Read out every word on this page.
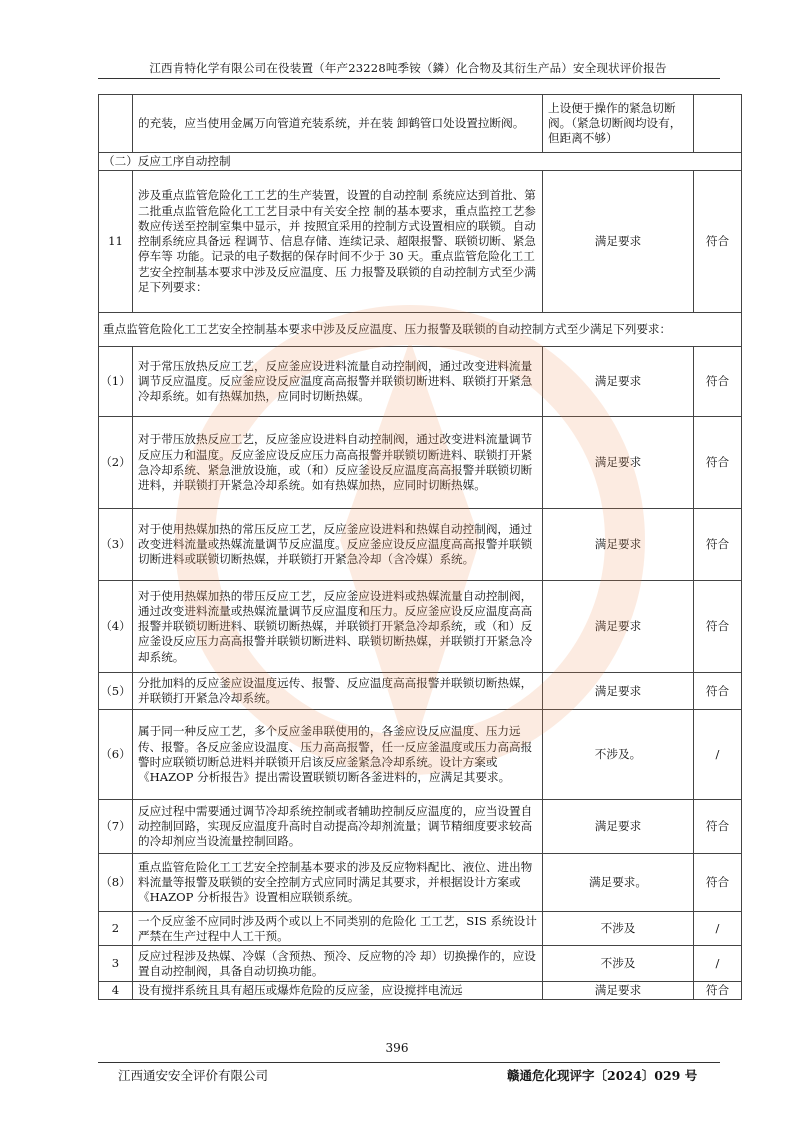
江西肯特化学有限公司在役装置（年产23228吨季铵（鏻）化合物及其衍生产品）安全现状评价报告
	的充装，应当使用金属万向管道充装系统，并在装 卸鹤管口处设置拉断阀。	上设便于操作的紧急切断阀。（紧急切断阀均设有，但距离不够）	
（二）反应工序自动控制			
11	涉及重点监管危险化工工艺的生产装置，设置的自动控制 系统应达到首批、第二批重点监管危险化工工艺目录中有关安全控 制的基本要求，重点监控工艺参数应传送至控制室集中显示，并 按照宜采用的控制方式设置相应的联锁。自动控制系统应具备远 程调节、信息存储、连续记录、超限报警、联锁切断、紧急停车等 功能。记录的电子数据的保存时间不少于 30 天。重点监管危险化工工艺安全控制基本要求中涉及反应温度、压 力报警及联锁的自动控制方式至少满足下列要求：	满足要求	符合
重点监管危险化工工艺安全控制基本要求中涉及反应温度、压力报警及联锁的自动控制方式至少满足下列要求：			
（1）	对于常压放热反应工艺，反应釜应设进料流量自动控制阀，通过改变进料流量调节反应温度。反应釜应设反应温度高高报警并联锁切断进料、联锁打开紧急冷却系统。如有热媒加热，应同时切断热媒。	满足要求	符合
（2）	对于带压放热反应工艺，反应釜应设进料自动控制阀，通过改变进料流量调节反应压力和温度。反应釜应设反应压力高高报警并联锁切断进料、联锁打开紧急冷却系统、紧急泄放设施，或（和）反应釜设反应温度高高报警并联锁切断进料，并联锁打开紧急冷却系统。如有热媒加热，应同时切断热媒。	满足要求	符合
（3）	对于使用热媒加热的常压反应工艺，反应釜应设进料和热媒自动控制阀，通过改变进料流量或热媒流量调节反应温度。反应釜应设反应温度高高报警并联锁切断进料或联锁切断热媒，并联锁打开紧急冷却（含冷媒）系统。	满足要求	符合
（4）	对于使用热媒加热的带压反应工艺，反应釜应设进料或热媒流量自动控制阀，通过改变进料流量或热媒流量调节反应温度和压力。反应釜应设反应温度高高报警并联锁切断进料、联锁切断热媒，并联锁打开紧急冷却系统，或（和）反应釜设反应压力高高报警并联锁切断进料、联锁切断热媒，并联锁打开紧急冷却系统。	满足要求	符合
（5）	分批加料的反应釜应设温度远传、报警、反应温度高高报警并联锁切断热媒，并联锁打开紧急冷却系统。	满足要求	符合
（6）	属于同一种反应工艺，多个反应釜串联使用的，各釜应设反应温度、压力远传、报警。各反应釜应设温度、压力高高报警，任一反应釜温度或压力高高报警时应联锁切断总进料并联锁开启该反应釜紧急冷却系统。设计方案或《HAZOP 分析报告》提出需设置联锁切断各釜进料的，应满足其要求。	不涉及。	/
（7）	反应过程中需要通过调节冷却系统控制或者辅助控制反应温度的，应当设置自动控制回路，实现反应温度升高时自动提高冷却剂流量；调节精细度要求较高的冷却剂应当设流量控制回路。	满足要求	符合
（8）	重点监管危险化工工艺安全控制基本要求的涉及反应物料配比、液位、进出物料流量等报警及联锁的安全控制方式应同时满足其要求，并根据设计方案或《HAZOP 分析报告》设置相应联锁系统。	满足要求。	符合
2	一个反应釜不应同时涉及两个或以上不同类别的危险化 工工艺，SIS 系统设计严禁在生产过程中人工干预。	不涉及	/
3	反应过程涉及热媒、冷媒（含预热、预冷、反应物的冷 却）切换操作的，应设置自动控制阀，具备自动切换功能。	不涉及	/
4	设有搅拌系统且具有超压或爆炸危险的反应釜，应设搅拌电流远	满足要求	符合
396
江西通安安全评价有限公司	赣通危化现评字〔2024〕029 号
